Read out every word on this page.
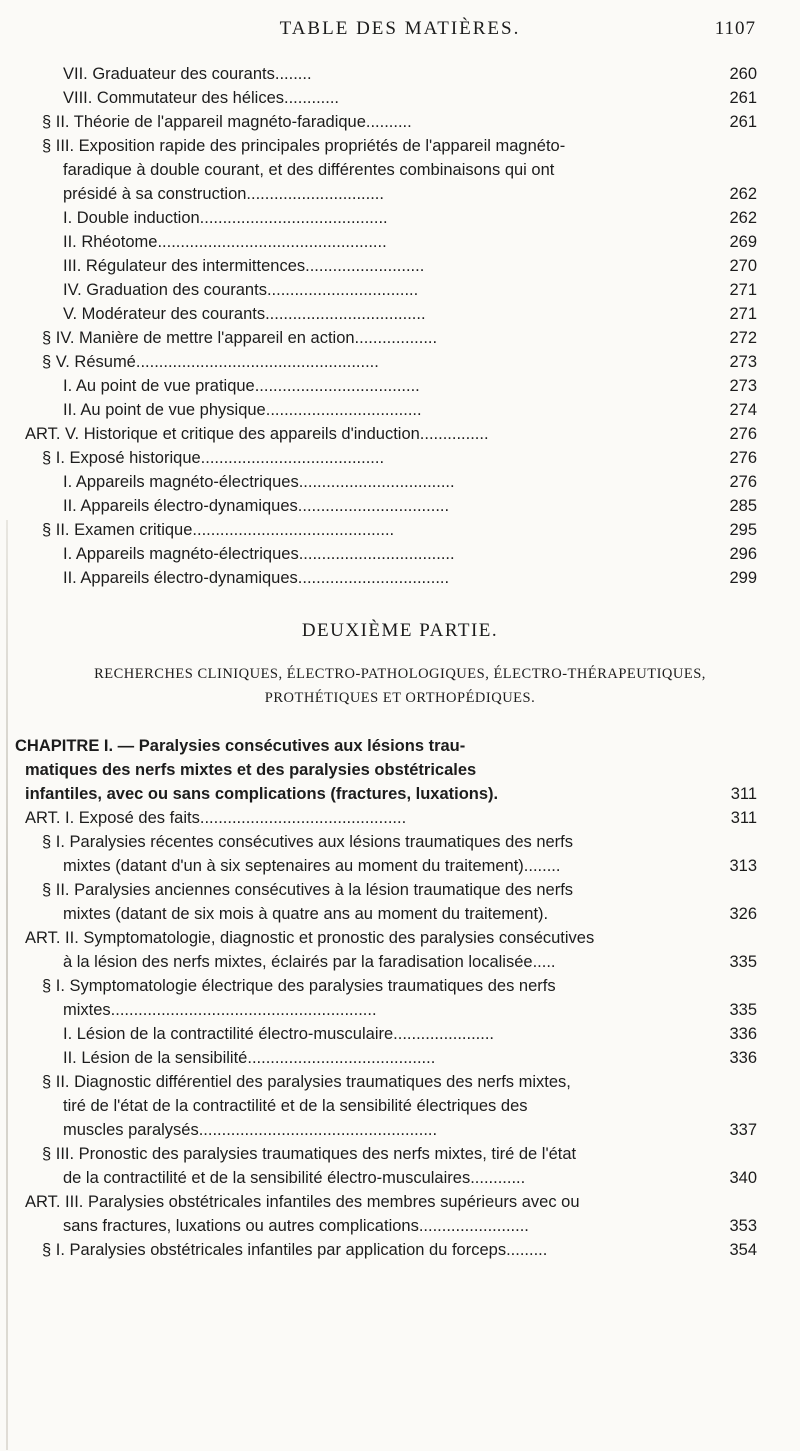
TABLE DES MATIÈRES.	1107
VII. Graduateur des courants........	260
VIII. Commutateur des hélices............	261
§ II. Théorie de l'appareil magnéto-faradique..........	261
§ III. Exposition rapide des principales propriétés de l'appareil magnéto-
faradique à double courant, et des différentes combinaisons qui ont
présidé à sa construction..............................	262
I. Double induction.........................................	262
II. Rhéotome..................................................	269
III. Régulateur des intermittences..........................	270
IV. Graduation des courants.................................	271
V. Modérateur des courants...................................	271
§ IV. Manière de mettre l'appareil en action..................	272
§ V. Résumé.....................................................	273
I. Au point de vue pratique....................................	273
II. Au point de vue physique..................................	274
ART. V. Historique et critique des appareils d'induction...............	276
§ I. Exposé historique........................................	276
I. Appareils magnéto-électriques..................................	276
II. Appareils électro-dynamiques.................................	285
§ II. Examen critique............................................	295
I. Appareils magnéto-électriques..................................	296
II. Appareils électro-dynamiques.................................	299
DEUXIÈME PARTIE.
RECHERCHES CLINIQUES, ÉLECTRO-PATHOLOGIQUES, ÉLECTRO-THÉRAPEUTIQUES,
PROTHÉTIQUES ET ORTHOPÉDIQUES.
CHAPITRE I. — Paralysies consécutives aux lésions trau-
matiques des nerfs mixtes et des paralysies obstétricales
infantiles, avec ou sans complications (fractures, luxations).	311
ART. I. Exposé des faits.............................................	311
§ I. Paralysies récentes consécutives aux lésions traumatiques des nerfs
mixtes (datant d'un à six septenaires au moment du traitement)........	313
§ II. Paralysies anciennes consécutives à la lésion traumatique des nerfs
mixtes (datant de six mois à quatre ans au moment du traitement).	326
ART. II. Symptomatologie, diagnostic et pronostic des paralysies consécutives
à la lésion des nerfs mixtes, éclairés par la faradisation localisée.....	335
§ I. Symptomatologie électrique des paralysies traumatiques des nerfs
mixtes..........................................................	335
I. Lésion de la contractilité électro-musculaire......................	336
II. Lésion de la sensibilité.........................................	336
§ II. Diagnostic différentiel des paralysies traumatiques des nerfs mixtes,
tiré de l'état de la contractilité et de la sensibilité électriques des
muscles paralysés....................................................	337
§ III. Pronostic des paralysies traumatiques des nerfs mixtes, tiré de l'état
de la contractilité et de la sensibilité électro-musculaires............	340
ART. III. Paralysies obstétricales infantiles des membres supérieurs avec ou
sans fractures, luxations ou autres complications........................	353
§ I. Paralysies obstétricales infantiles par application du forceps.........	354
